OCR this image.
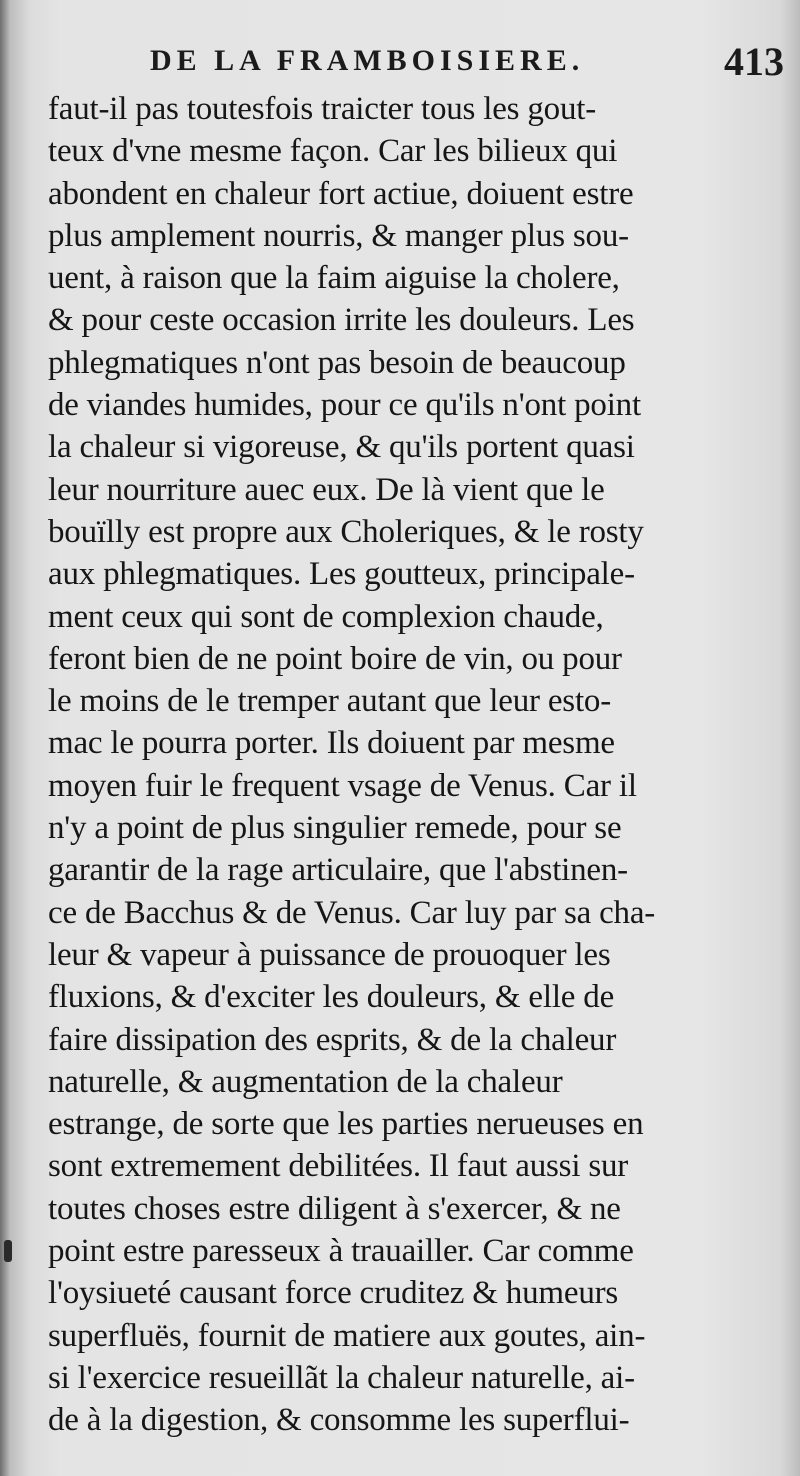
DE LA FRAMBOISIERE.	413
faut-il pas toutesfois traicter tous les gout-
teux d'vne mesme façon. Car les bilieux qui
abondent en chaleur fort actiue, doiuent estre
plus amplement nourris, & manger plus sou-
uent, à raison que la faim aiguise la cholere,
& pour ceste occasion irrite les douleurs. Les
phlegmatiques n'ont pas besoin de beaucoup
de viandes humides, pour ce qu'ils n'ont point
la chaleur si vigoreuse, & qu'ils portent quasi
leur nourriture auec eux. De là vient que le
bouïlly est propre aux Choleriques, & le rosty
aux phlegmatiques. Les goutteux, principale-
ment ceux qui sont de complexion chaude,
feront bien de ne point boire de vin, ou pour
le moins de le tremper autant que leur esto-
mac le pourra porter. Ils doiuent par mesme
moyen fuir le frequent vsage de Venus. Car il
n'y a point de plus singulier remede, pour se
garantir de la rage articulaire, que l'abstinen-
ce de Bacchus & de Venus. Car luy par sa cha-
leur & vapeur à puissance de prouoquer les
fluxions, & d'exciter les douleurs, & elle de
faire dissipation des esprits, & de la chaleur
naturelle, & augmentation de la chaleur
estrange, de sorte que les parties nerueuses en
sont extremement debilitées. Il faut aussi sur
toutes choses estre diligent à s'exercer, & ne
point estre paresseux à trauailler. Car comme
l'oysiueté causant force cruditez & humeurs
superfluës, fournit de matiere aux goutes, ain-
si l'exercice resueillãt la chaleur naturelle, ai-
de à la digestion, & consomme les superflui-
